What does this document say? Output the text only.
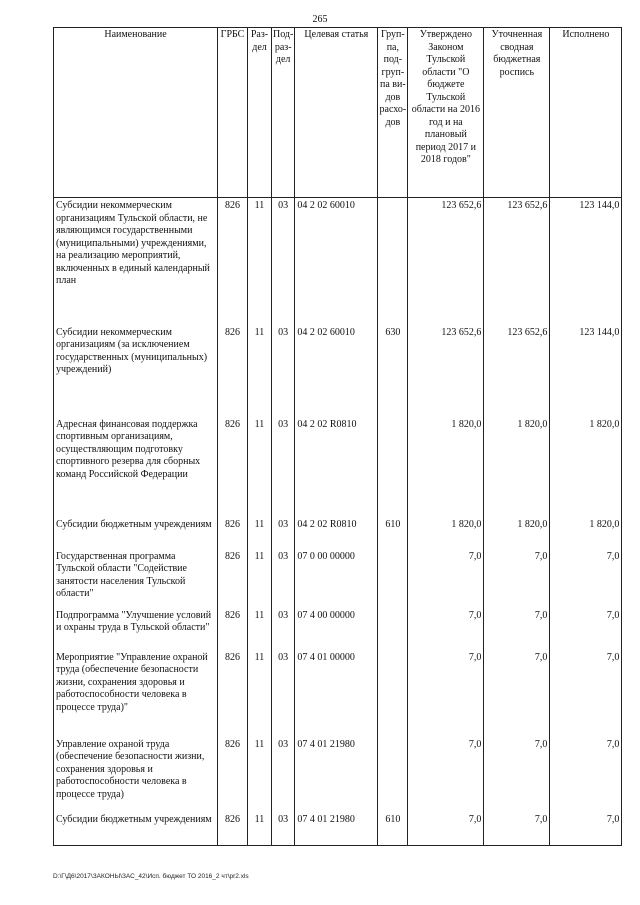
265
Наименование	ГРБС	Раз-дел	Под-раз-дел	Целевая статья	Груп-па, под-груп-па ви-дов расхо-дов	Утверждено Законом Тульской области "О бюджете Тульской области на 2016 год и на плановый период 2017 и 2018 годов"	Уточненная сводная бюджетная роспись	Исполнено
Субсидии некоммерческим организациям Тульской области, не являющимся государственными (муниципальными) учреждениями, на реализацию мероприятий, включенных в единый календарный план	826	11	03	04 2 02 60010		123 652,6	123 652,6	123 144,0
Субсидии некоммерческим организациям (за исключением государственных (муниципальных) учреждений)	826	11	03	04 2 02 60010	630	123 652,6	123 652,6	123 144,0
Адресная финансовая поддержка спортивным организациям, осуществляющим подготовку спортивного резерва для сборных команд Российской Федерации	826	11	03	04 2 02 R0810		1 820,0	1 820,0	1 820,0
Субсидии бюджетным учреждениям	826	11	03	04 2 02 R0810	610	1 820,0	1 820,0	1 820,0
Государственная программа Тульской области "Содействие занятости населения Тульской области"	826	11	03	07 0 00 00000		7,0	7,0	7,0
Подпрограмма "Улучшение условий и охраны труда в Тульской области"	826	11	03	07 4 00 00000		7,0	7,0	7,0
Мероприятие "Управление охраной труда (обеспечение безопасности жизни, сохранения здоровья и работоспособности человека в процессе труда)"	826	11	03	07 4 01 00000		7,0	7,0	7,0
Управление охраной труда (обеспечение безопасности жизни, сохранения здоровья и работоспособности человека в процессе труда)	826	11	03	07 4 01 21980		7,0	7,0	7,0
Субсидии бюджетным учреждениям	826	11	03	07 4 01 21980	610	7,0	7,0	7,0
D:\Г\Д6\2017\ЗАКОНЫ\ЗАС_42\Исп. бюджет ТО 2016_2 чт\pr2.xls
